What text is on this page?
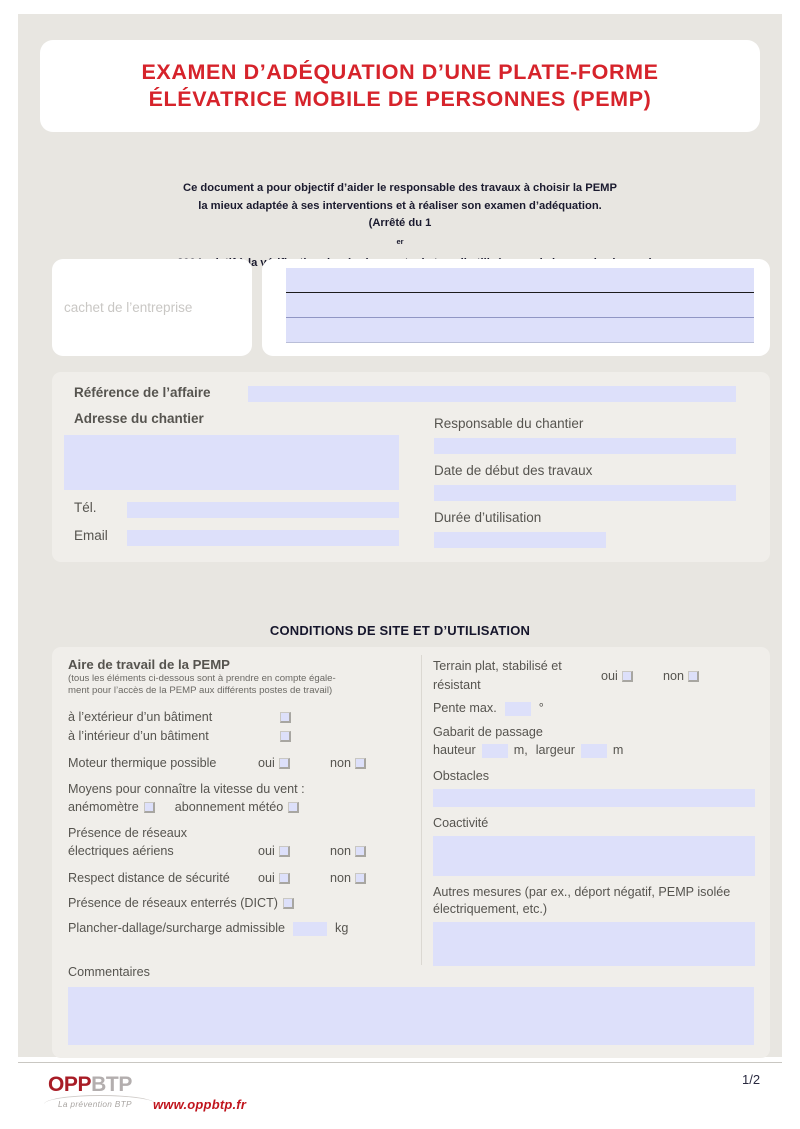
EXAMEN D’ADÉQUATION D’UNE PLATE-FORME
ÉLÉVATRICE MOBILE DE PERSONNES (PEMP)
Ce document a pour objectif d’aider le responsable des travaux à choisir la PEMP
la mieux adaptée à ses interventions et à réaliser son examen d’adéquation.
(Arrêté du 1
$^{er}$
la
cachet de l’entreprise
Référence de l’affaire
Adresse du chantier
Tél.
Email
Responsable du chantier
Date de début des travaux
Durée d’utilisation
CONDITIONS DE SITE ET D’UTILISATION
Aire de travail de la PEMP
(tous les éléments ci-dessous sont à prendre en compte égale-
ment pour l’accès de la PEMP aux différents postes de travail)
à l’extérieur d’un bâtiment
à l’intérieur d’un bâtiment
Moteur thermique possible	oui	non
Moyens pour connaître la vitesse du vent :
anémomètre	abonnement météo
Présence de réseaux
électriques aériens	oui	non
Respect distance de sécurité	oui	non
Présence de réseaux enterrés (DICT)
Plancher-dallage/surcharge admissible	kg
Terrain plat, stabilisé et résistant
oui	non
Pente max.	°
Gabarit de passage
hauteur	m, largeur	m
Obstacles
Coactivité
Autres mesures (par ex., déport négatif, PEMP isolée
électriquement, etc.)
Commentaires
OPPBTP
La prévention BTP www.oppbtp.fr
1/2
